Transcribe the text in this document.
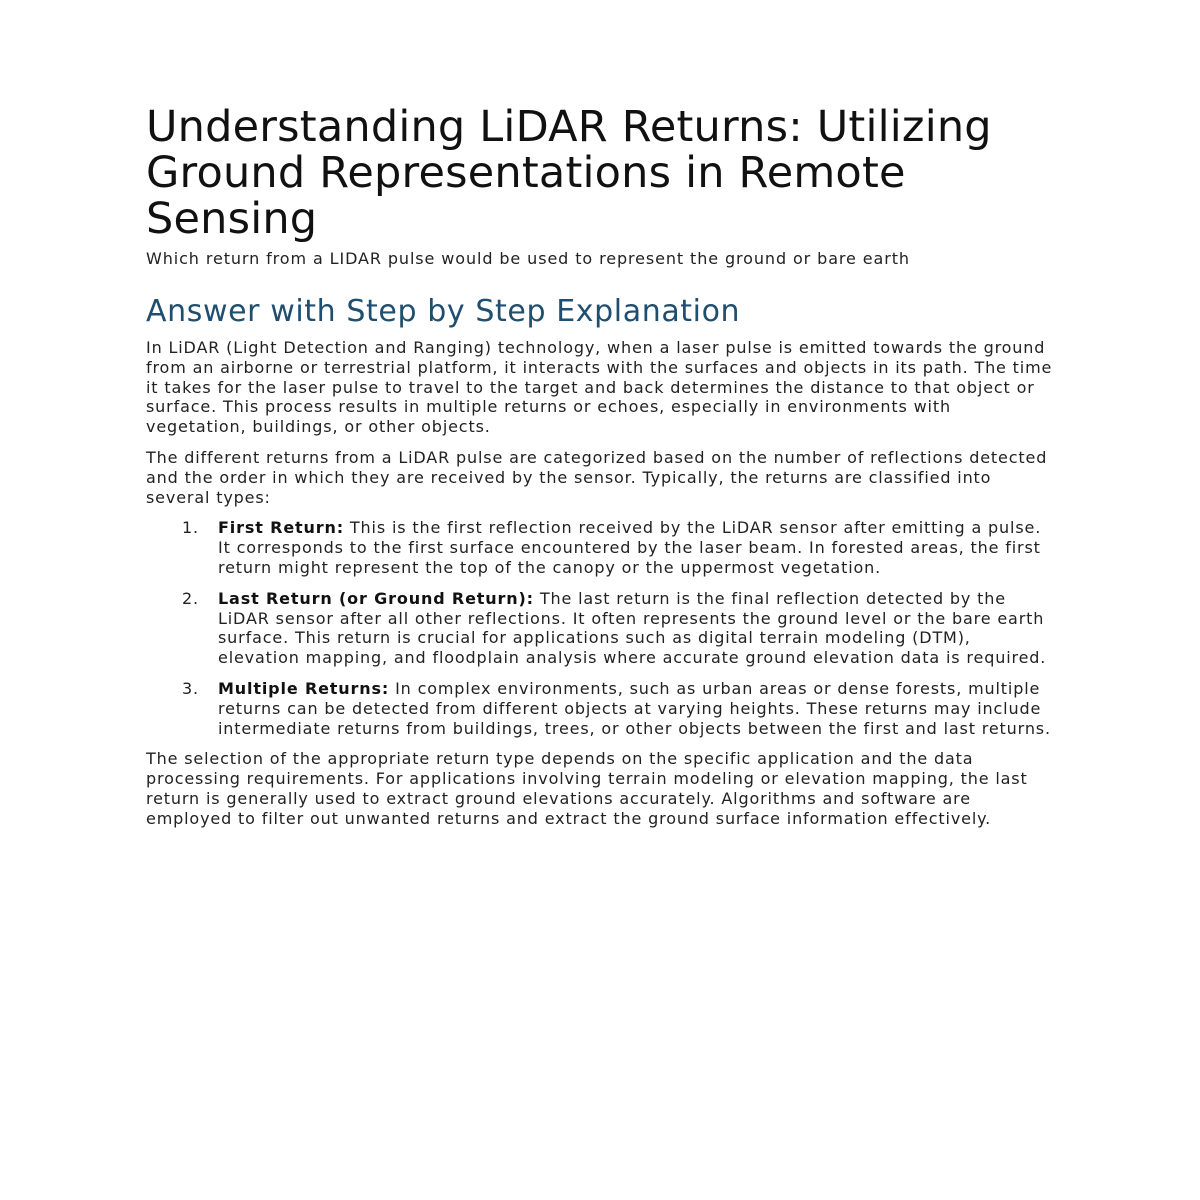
Understanding LiDAR Returns: Utilizing Ground Representations in Remote Sensing

Which return from a LIDAR pulse would be used to represent the ground or bare earth

Answer with Step by Step Explanation

In LiDAR (Light Detection and Ranging) technology, when a laser pulse is emitted towards the ground from an airborne or terrestrial platform, it interacts with the surfaces and objects in its path. The time it takes for the laser pulse to travel to the target and back determines the distance to that object or surface. This process results in multiple returns or echoes, especially in environments with vegetation, buildings, or other objects.

The different returns from a LiDAR pulse are categorized based on the number of reflections detected and the order in which they are received by the sensor. Typically, the returns are classified into several types:

1. First Return: This is the first reflection received by the LiDAR sensor after emitting a pulse. It corresponds to the first surface encountered by the laser beam. In forested areas, the first return might represent the top of the canopy or the uppermost vegetation.
2. Last Return (or Ground Return): The last return is the final reflection detected by the LiDAR sensor after all other reflections. It often represents the ground level or the bare earth surface. This return is crucial for applications such as digital terrain modeling (DTM), elevation mapping, and floodplain analysis where accurate ground elevation data is required.
3. Multiple Returns: In complex environments, such as urban areas or dense forests, multiple returns can be detected from different objects at varying heights. These returns may include intermediate returns from buildings, trees, or other objects between the first and last returns.

The selection of the appropriate return type depends on the specific application and the data processing requirements. For applications involving terrain modeling or elevation mapping, the last return is generally used to extract ground elevations accurately. Algorithms and software are employed to filter out unwanted returns and extract the ground surface information effectively.
